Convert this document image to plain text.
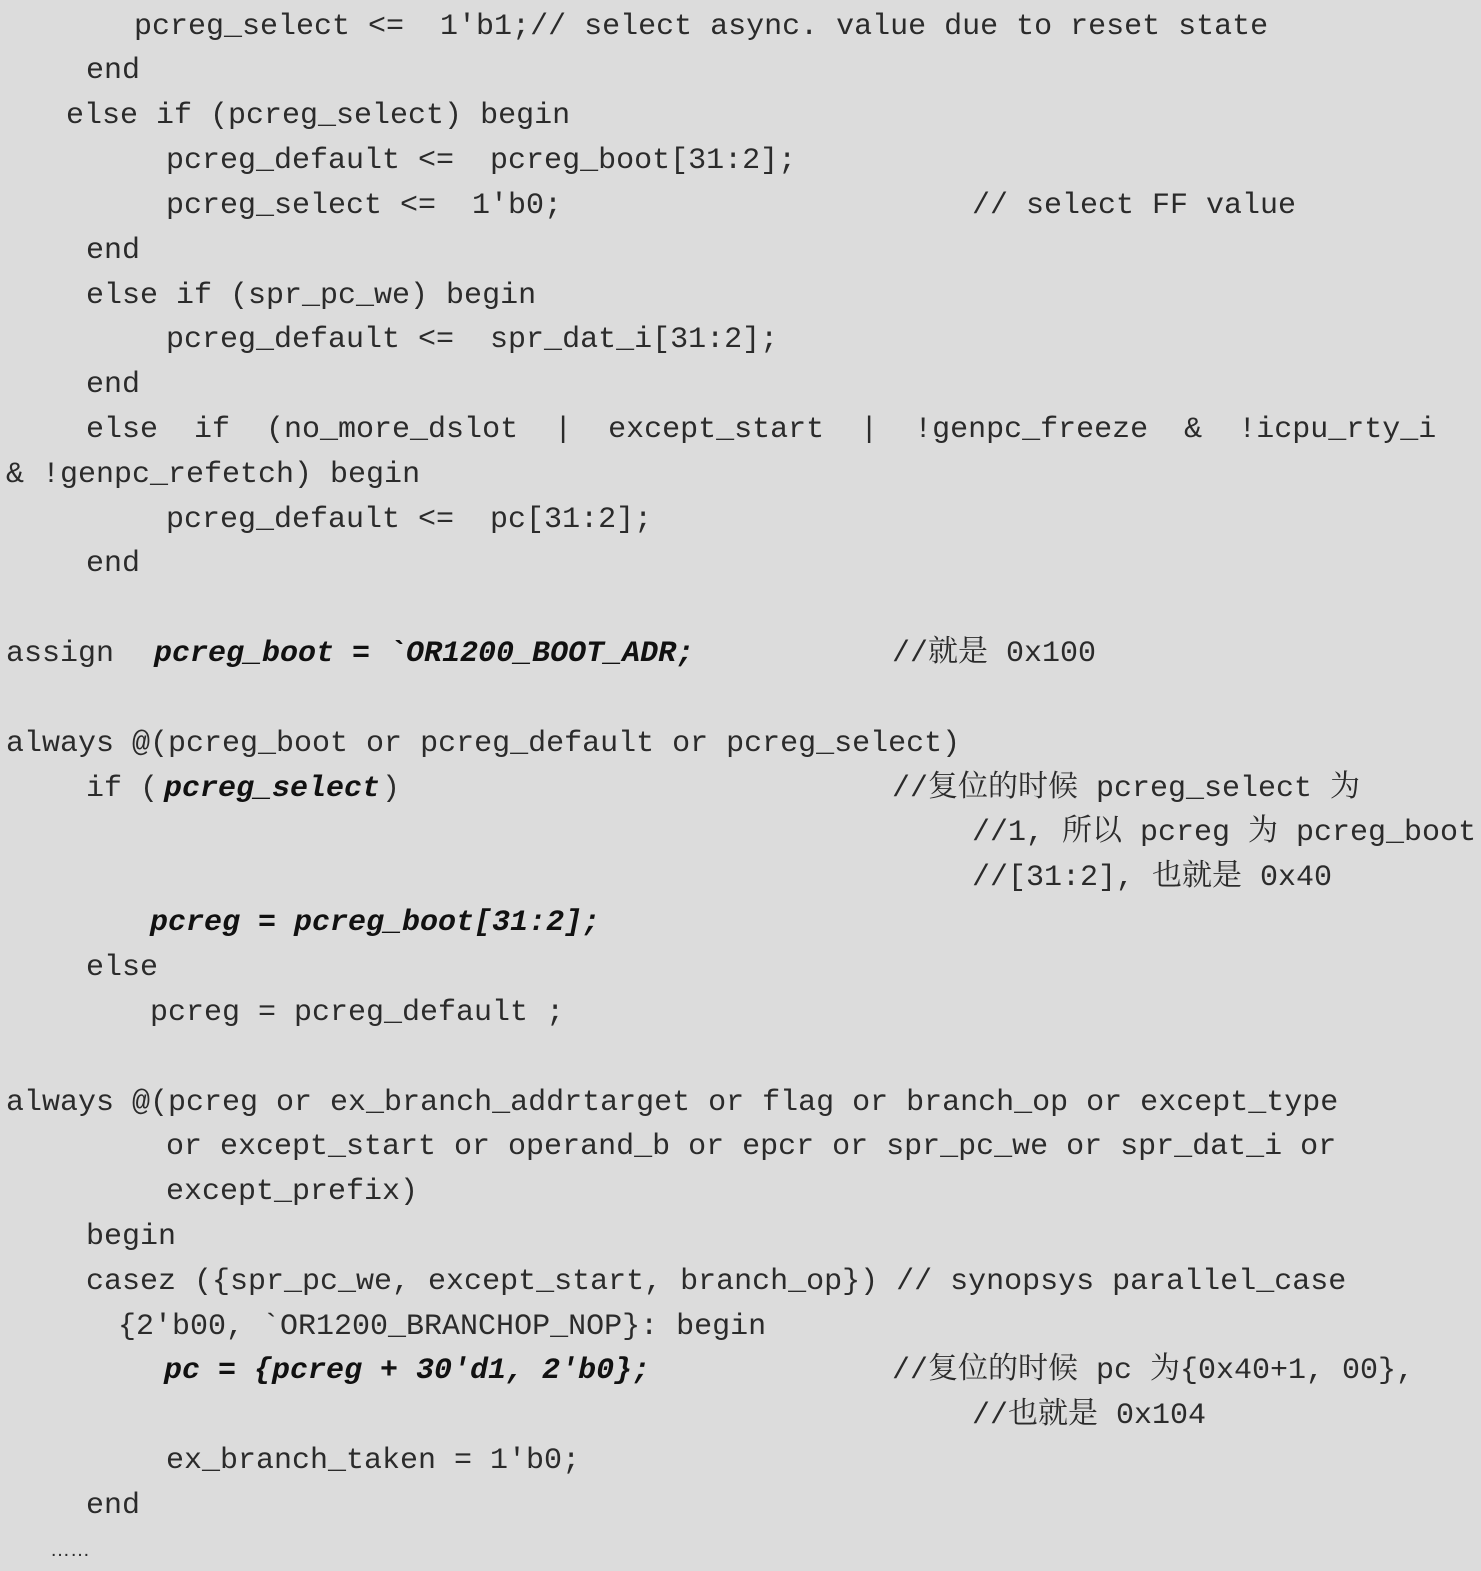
pcreg_select <=  1'b1;// select async. value due to reset state
end
else if (pcreg_select) begin
pcreg_default <=  pcreg_boot[31:2];
pcreg_select <=  1'b0;	// select FF value
end
else if (spr_pc_we) begin
pcreg_default <=  spr_dat_i[31:2];
end
else  if  (no_more_dslot  |  except_start  |  !genpc_freeze  &  !icpu_rty_i
& !genpc_refetch) begin
pcreg_default <=  pc[31:2];
end
assign pcreg_boot = `OR1200_BOOT_ADR;	//就是 0x100
always @(pcreg_boot or pcreg_default or pcreg_select)
if ( pcreg_select )	//复位的时候 pcreg_select 为
//1, 所以 pcreg 为 pcreg_boot
//[31:2], 也就是 0x40
pcreg = pcreg_boot[31:2];
else
pcreg = pcreg_default ;
always @(pcreg or ex_branch_addrtarget or flag or branch_op or except_type
or except_start or operand_b or epcr or spr_pc_we or spr_dat_i or
except_prefix)
begin
casez ({spr_pc_we, except_start, branch_op}) // synopsys parallel_case
{2'b00, `OR1200_BRANCHOP_NOP}: begin
pc = {pcreg + 30'd1, 2'b0};	//复位的时候 pc 为{0x40+1, 00},
//也就是 0x104
ex_branch_taken = 1'b0;
end
……
